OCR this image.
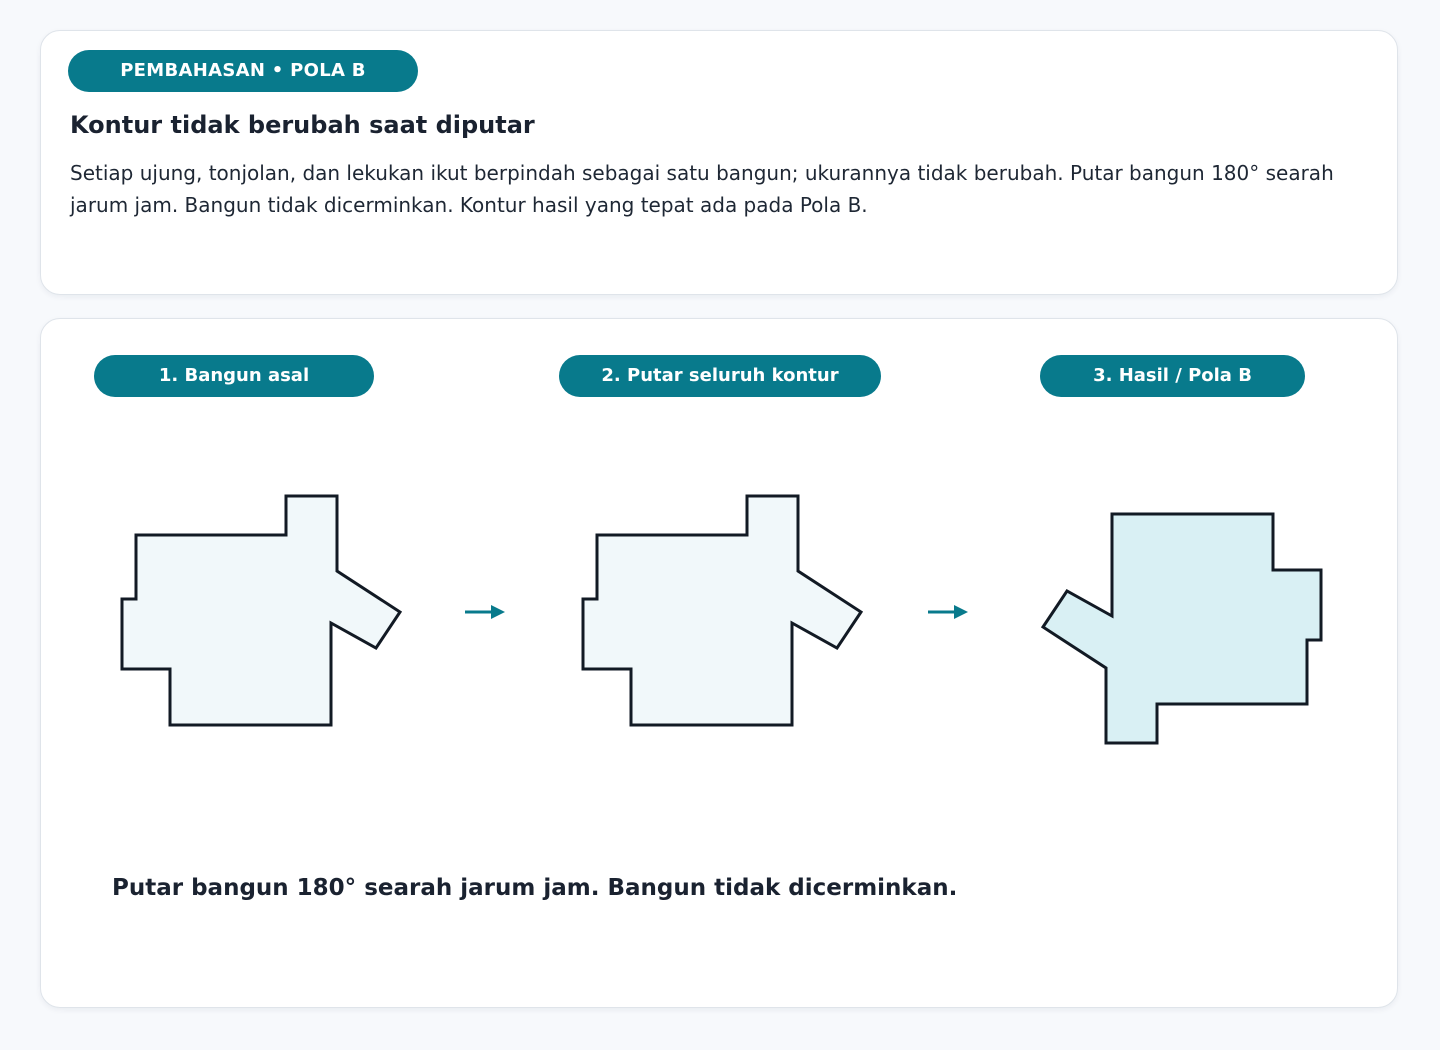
PEMBAHASAN • POLA B
Kontur tidak berubah saat diputar
Setiap ujung, tonjolan, dan lekukan ikut berpindah sebagai satu bangun; ukurannya tidak berubah. Putar bangun 180° searah jarum jam. Bangun tidak dicerminkan. Kontur hasil yang tepat ada pada Pola B.
1. Bangun asal	2. Putar seluruh kontur	3. Hasil / Pola B
Putar bangun 180° searah jarum jam. Bangun tidak dicerminkan.
